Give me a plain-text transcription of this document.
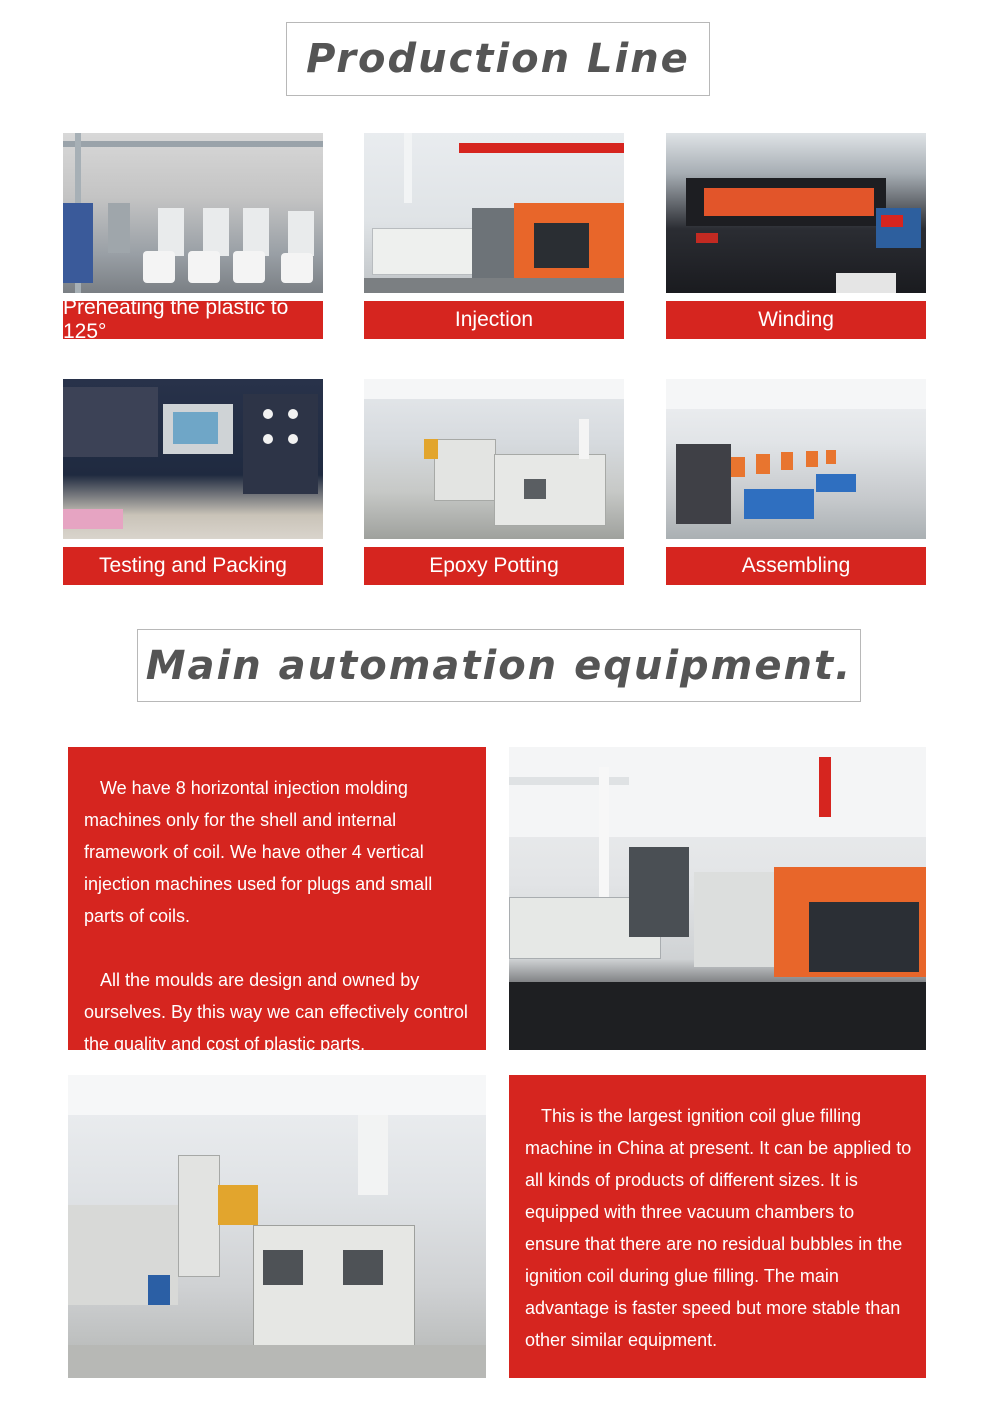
Production Line
Preheating the plastic to 125°
Injection	Winding
Testing and Packing	Epoxy Potting	Assembling
Main automation equipment.

We have 8 horizontal injection molding machines only for the shell and internal framework of coil. We have other 4 vertical injection machines used for plugs and small parts of coils.

All the moulds are design and owned by ourselves. By this way we can effectively control the quality and cost of plastic parts.

This is the largest ignition coil glue filling machine in China at present. It can be applied to all kinds of products of different sizes. It is equipped with three vacuum chambers to ensure that there are no residual bubbles in the ignition coil during glue filling. The main advantage is faster speed but more stable than other similar equipment.
